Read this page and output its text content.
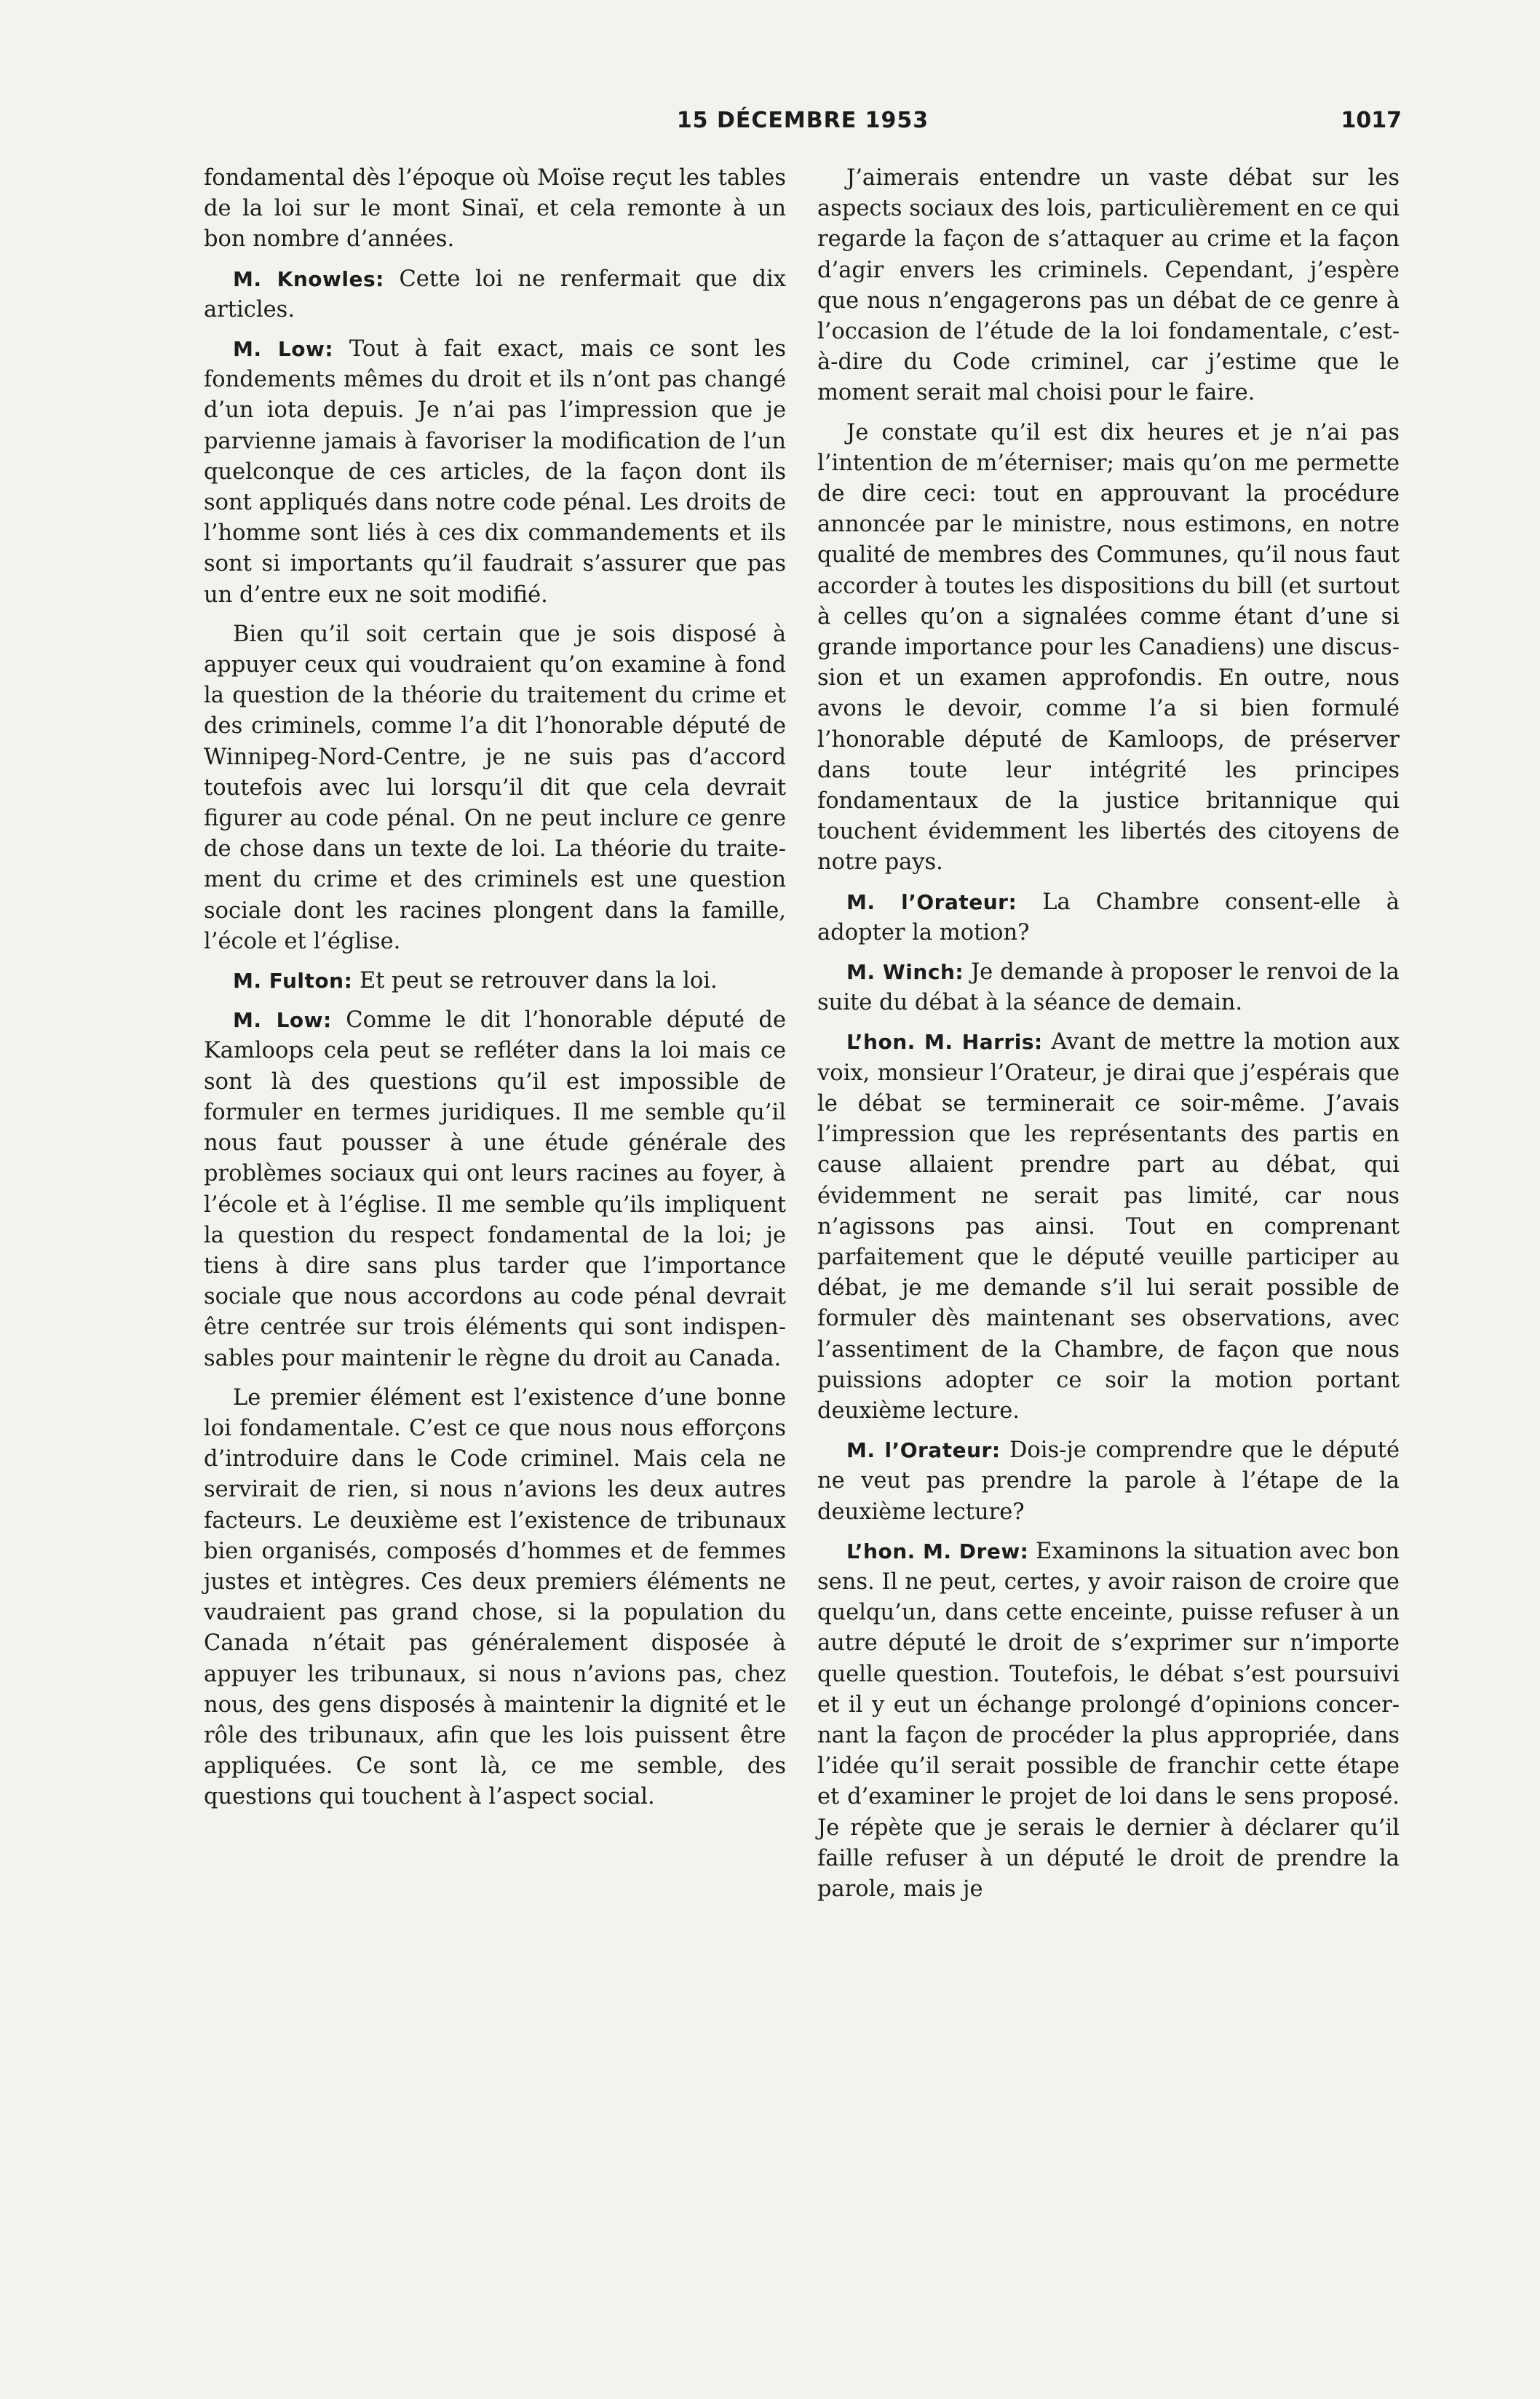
15 DÉCEMBRE 1953	1017

fondamental dès l’époque où Moïse reçut les tables de la loi sur le mont Sinaï, et cela remonte à un bon nombre d’années.

M. Knowles: Cette loi ne renfermait que dix articles.

M. Low: Tout à fait exact, mais ce sont les fondements mêmes du droit et ils n’ont pas changé d’un iota depuis. Je n’ai pas l’impression que je parvienne jamais à favoriser la modification de l’un quelconque de ces articles, de la façon dont ils sont appliqués dans notre code pénal. Les droits de l’homme sont liés à ces dix commandements et ils sont si importants qu’il faudrait s’assurer que pas un d’entre eux ne soit modifié.

Bien qu’il soit certain que je sois disposé à appuyer ceux qui voudraient qu’on examine à fond la question de la théorie du traitement du crime et des criminels, comme l’a dit l’honorable député de Winnipeg-Nord-Centre, je ne suis pas d’accord toutefois avec lui lorsqu’il dit que cela devrait figurer au code pénal. On ne peut inclure ce genre de chose dans un texte de loi. La théorie du traitement du crime et des criminels est une question sociale dont les racines plongent dans la famille, l’école et l’église.

M. Fulton: Et peut se retrouver dans la loi.

M. Low: Comme le dit l’honorable député de Kamloops cela peut se refléter dans la loi mais ce sont là des questions qu’il est impossible de formuler en termes juridiques. Il me semble qu’il nous faut pousser à une étude générale des problèmes sociaux qui ont leurs racines au foyer, à l’école et à l’église. Il me semble qu’ils impliquent la question du respect fondamental de la loi; je tiens à dire sans plus tarder que l’importance sociale que nous accordons au code pénal devrait être centrée sur trois éléments qui sont indispensables pour maintenir le règne du droit au Canada.

Le premier élément est l’existence d’une bonne loi fondamentale. C’est ce que nous nous efforçons d’introduire dans le Code criminel. Mais cela ne servirait de rien, si nous n’avions les deux autres facteurs. Le deuxième est l’existence de tribunaux bien organisés, composés d’hommes et de femmes justes et intègres. Ces deux premiers éléments ne vaudraient pas grand chose, si la population du Canada n’était pas généralement disposée à appuyer les tribunaux, si nous n’avions pas, chez nous, des gens disposés à maintenir la dignité et le rôle des tribunaux, afin que les lois puissent être appliquées. Ce sont là, ce me semble, des questions qui touchent à l’aspect social.

J’aimerais entendre un vaste débat sur les aspects sociaux des lois, particulièrement en ce qui regarde la façon de s’attaquer au crime et la façon d’agir envers les criminels. Cependant, j’espère que nous n’engagerons pas un débat de ce genre à l’occasion de l’étude de la loi fondamentale, c’est-à-dire du Code criminel, car j’estime que le moment serait mal choisi pour le faire.

Je constate qu’il est dix heures et je n’ai pas l’intention de m’éterniser; mais qu’on me permette de dire ceci: tout en approuvant la procédure annoncée par le ministre, nous estimons, en notre qualité de membres des Communes, qu’il nous faut accorder à toutes les dispositions du bill (et surtout à celles qu’on a signalées comme étant d’une si grande importance pour les Canadiens) une discussion et un examen approfondis. En outre, nous avons le devoir, comme l’a si bien formulé l’honorable député de Kamloops, de préserver dans toute leur intégrité les principes fondamentaux de la justice britannique qui touchent évidemment les libertés des citoyens de notre pays.

M. l’Orateur: La Chambre consent-elle à adopter la motion?

M. Winch: Je demande à proposer le renvoi de la suite du débat à la séance de demain.

L’hon. M. Harris: Avant de mettre la motion aux voix, monsieur l’Orateur, je dirai que j’espérais que le débat se terminerait ce soir-même. J’avais l’impression que les représentants des partis en cause allaient prendre part au débat, qui évidemment ne serait pas limité, car nous n’agissons pas ainsi. Tout en comprenant parfaitement que le député veuille participer au débat, je me demande s’il lui serait possible de formuler dès maintenant ses observations, avec l’assentiment de la Chambre, de façon que nous puissions adopter ce soir la motion portant deuxième lecture.

M. l’Orateur: Dois-je comprendre que le député ne veut pas prendre la parole à l’étape de la deuxième lecture?

L’hon. M. Drew: Examinons la situation avec bon sens. Il ne peut, certes, y avoir raison de croire que quelqu’un, dans cette enceinte, puisse refuser à un autre député le droit de s’exprimer sur n’importe quelle question. Toutefois, le débat s’est poursuivi et il y eut un échange prolongé d’opinions concernant la façon de procéder la plus appropriée, dans l’idée qu’il serait possible de franchir cette étape et d’examiner le projet de loi dans le sens proposé. Je répète que je serais le dernier à déclarer qu’il faille refuser à un député le droit de prendre la parole, mais je
